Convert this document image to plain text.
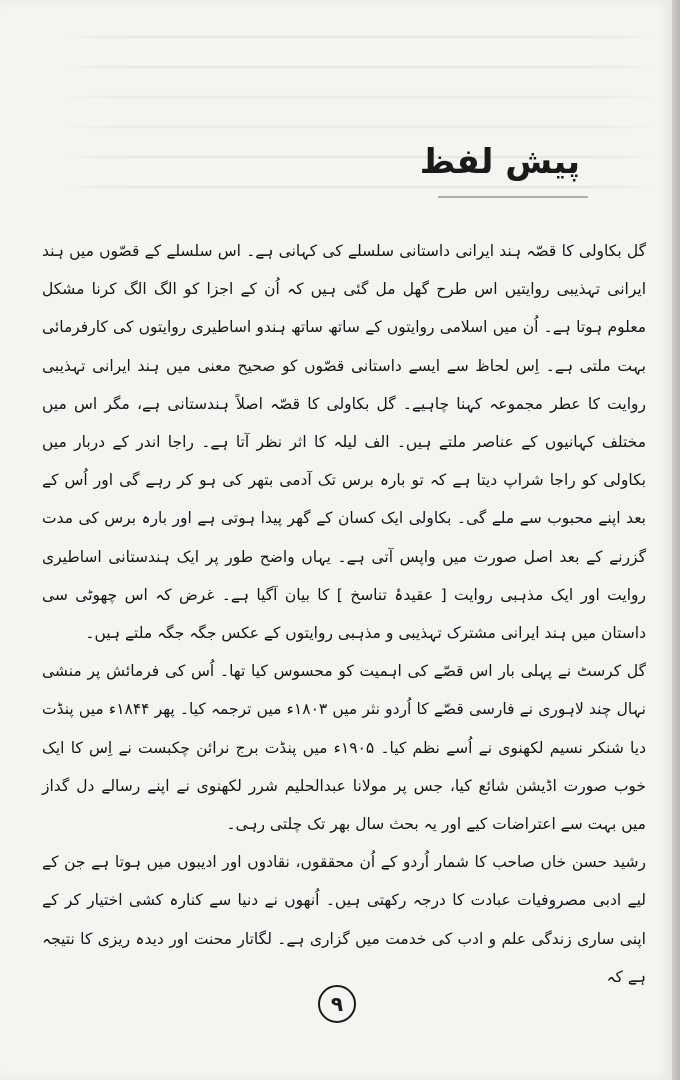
پیش لفظ

گل بکاولی کا قصّہ ہند ایرانی داستانی سلسلے کی کہانی ہے۔ اس سلسلے کے قصّوں میں ہند ایرانی تہذیبی روایتیں اس طرح گھل مل گئی ہیں کہ اُن کے اجزا کو الگ الگ کرنا مشکل معلوم ہوتا ہے۔ اُن میں اسلامی روایتوں کے ساتھ ساتھ ہندو اساطیری روایتوں کی کارفرمائی بہت ملتی ہے۔ اِس لحاظ سے ایسے داستانی قصّوں کو صحیح معنی میں ہند ایرانی تہذیبی روایت کا عطر مجموعہ کہنا چاہیے۔ گل بکاولی کا قصّہ اصلاً ہندستانی ہے، مگر اس میں مختلف کہانیوں کے عناصر ملتے ہیں۔ الف لیلہ کا اثر نظر آتا ہے۔ راجا اندر کے دربار میں بکاولی کو راجا شراپ دیتا ہے کہ تو بارہ برس تک آدمی بتھر کی ہو کر رہے گی اور اُس کے بعد اپنے محبوب سے ملے گی۔ بکاولی ایک کسان کے گھر پیدا ہوتی ہے اور بارہ برس کی مدت گزرنے کے بعد اصل صورت میں واپس آتی ہے۔ یہاں واضح طور پر ایک ہندستانی اساطیری روایت اور ایک مذہبی روایت [ عقیدۂ تناسخ ] کا بیان آگیا ہے۔ غرض کہ اس چھوٹی سی داستان میں ہند ایرانی مشترک تہذیبی و مذہبی روایتوں کے عکس جگہ جگہ ملتے ہیں۔

گل کرسٹ نے پہلی بار اس قصّے کی اہمیت کو محسوس کیا تھا۔ اُس کی فرمائش پر منشی نہال چند لاہوری نے فارسی قصّے کا اُردو نثر میں ۱۸۰۳ء میں ترجمہ کیا۔ پھر ۱۸۴۴ء میں پنڈت دیا شنکر نسیم لکھنوی نے اُسے نظم کیا۔ ۱۹۰۵ء میں پنڈت برج نرائن چکبست نے اِس کا ایک خوب صورت اڈیشن شائع کیا، جس پر مولانا عبدالحلیم شرر لکھنوی نے اپنے رسالے دل گداز میں بہت سے اعتراضات کیے اور یہ بحث سال بھر تک چلتی رہی۔

رشید حسن خاں صاحب کا شمار اُردو کے اُن محققوں، نقادوں اور ادیبوں میں ہوتا ہے جن کے لیے ادبی مصروفیات عبادت کا درجہ رکھتی ہیں۔ اُنھوں نے دنیا سے کنارہ کشی اختیار کر کے اپنی ساری زندگی علم و ادب کی خدمت میں گزاری ہے۔ لگاتار محنت اور دیدہ ریزی کا نتیجہ ہے کہ

۹
